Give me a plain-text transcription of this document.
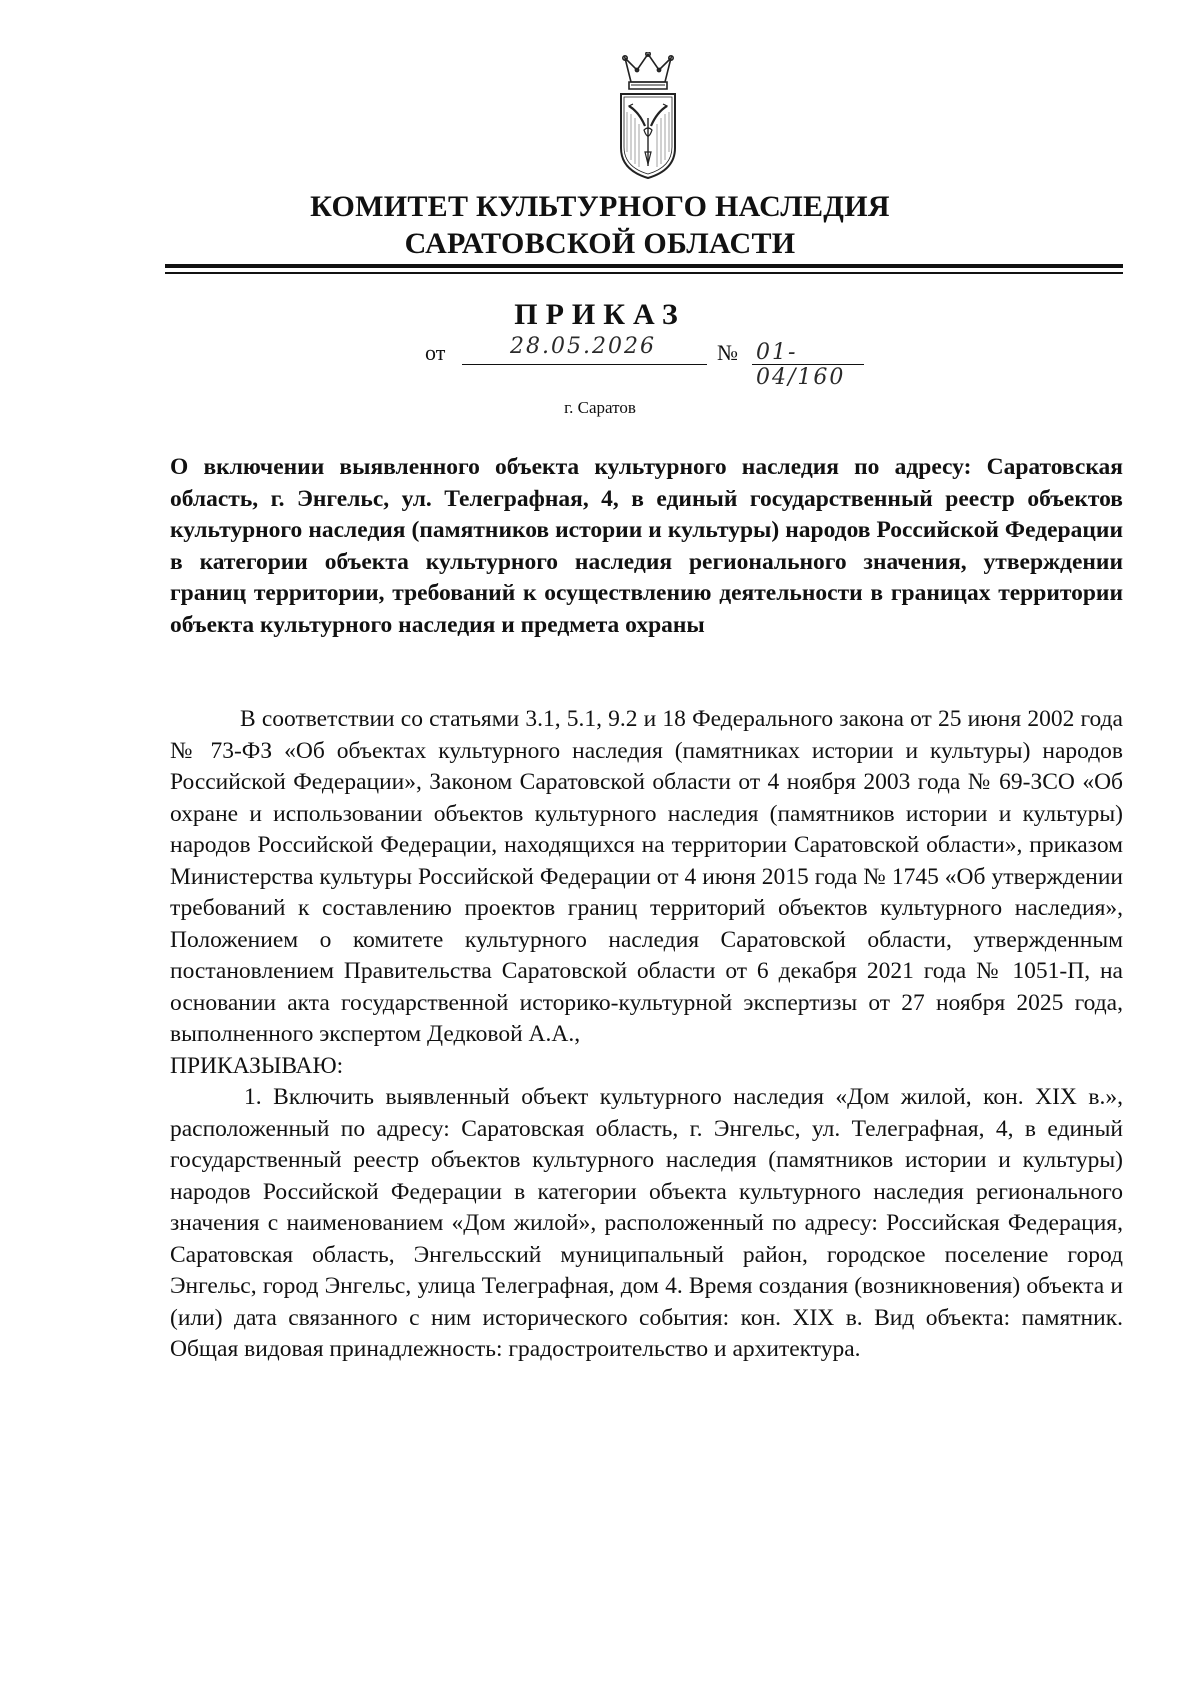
КОМИТЕТ КУЛЬТУРНОГО НАСЛЕДИЯ
САРАТОВСКОЙ ОБЛАСТИ
ПРИКАЗ
от	28.05.2026	№ 01-04/160
г. Саратов

О включении выявленного объекта культурного наследия по адресу: Саратовская область, г. Энгельс, ул. Телеграфная, 4, в единый государственный реестр объектов культурного наследия (памятников истории и культуры) народов Российской Федерации в категории объекта культурного наследия регионального значения, утверждении границ территории, требований к осуществлению деятельности в границах территории объекта культурного наследия и предмета охраны

В соответствии со статьями 3.1, 5.1, 9.2 и 18 Федерального закона от 25 июня 2002 года № 73-ФЗ «Об объектах культурного наследия (памятниках истории и культуры) народов Российской Федерации», Законом Саратовской области от 4 ноября 2003 года № 69-ЗСО «Об охране и использовании объектов культурного наследия (памятников истории и культуры) народов Российской Федерации, находящихся на территории Саратовской области», приказом Министерства культуры Российской Федерации от 4 июня 2015 года № 1745 «Об утверждении требований к составлению проектов границ территорий объектов культурного наследия», Положением о комитете культурного наследия Саратовской области, утвержденным постановлением Правительства Саратовской области от 6 декабря 2021 года № 1051-П, на основании акта государственной историко-культурной экспертизы от 27 ноября 2025 года, выполненного экспертом Дедковой А.А.,

ПРИКАЗЫВАЮ:

1. Включить выявленный объект культурного наследия «Дом жилой, кон. XIX в.», расположенный по адресу: Саратовская область, г. Энгельс, ул. Телеграфная, 4, в единый государственный реестр объектов культурного наследия (памятников истории и культуры) народов Российской Федерации в категории объекта культурного наследия регионального значения с наименованием «Дом жилой», расположенный по адресу: Российская Федерация, Саратовская область, Энгельсский муниципальный район, городское поселение город Энгельс, город Энгельс, улица Телеграфная, дом 4. Время создания (возникновения) объекта и (или) дата связанного с ним исторического события: кон. XIX в. Вид объекта: памятник. Общая видовая принадлежность: градостроительство и архитектура.
